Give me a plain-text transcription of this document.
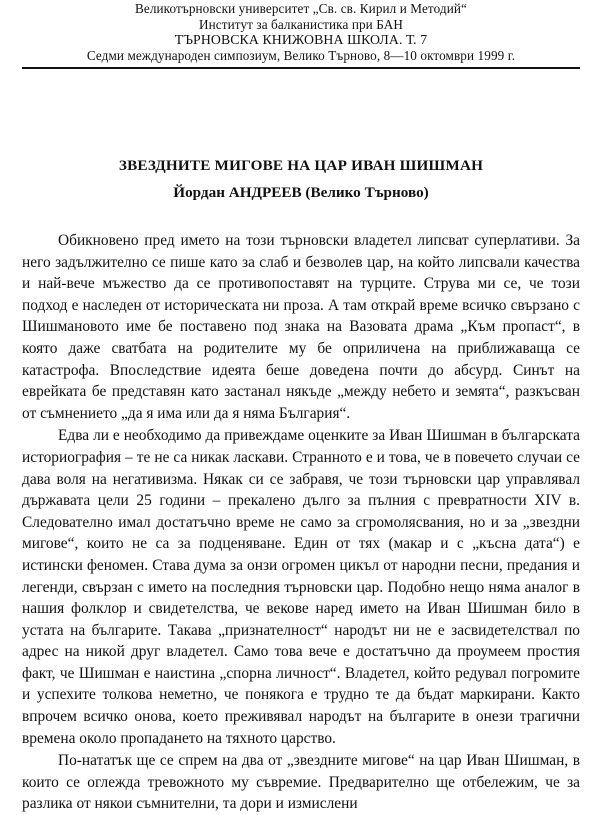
Великотърновски университет „Св. св. Кирил и Методий“
Институт за балканистика при БАН
ТЪРНОВСКА КНИЖОВНА ШКОЛА. Т. 7
Седми международен симпозиум, Велико Търново, 8—10 октомври 1999 г.
ЗВЕЗДНИТЕ МИГОВЕ НА ЦАР ИВАН ШИШМАН
Йордан АНДРЕЕВ (Велико Търново)

Обикновено пред името на този търновски владетел липсват суперлативи. За него задължително се пише като за слаб и безволев цар, на който липсвали качества и най-вече мъжество да се противопоставят на турците. Струва ми се, че този подход е наследен от историческата ни проза. А там открай време всичко свързано с Шишмановото име бе поставено под знака на Вазовата драма „Към пропаст“, в която даже сватбата на родителите му бе оприличена на приближаваща се катастрофа. Впоследствие идеята беше доведена почти до абсурд. Синът на еврейката бе представян като застанал някъде „между небето и земята“, разкъсван от съмнението „да я има или да я няма България“.

Едва ли е необходимо да привеждаме оценките за Иван Шишман в българската историография – те не са никак ласкави. Странното е и това, че в повечето случаи се дава воля на негативизма. Някак си се забравя, че този търновски цар управлявал държавата цели 25 години – прекалено дълго за пълния с превратности XIV в. Следователно имал достатъчно време не само за сгромолясвания, но и за „звездни мигове“, които не са за подценяване. Един от тях (макар и с „късна дата“) е истински феномен. Става дума за онзи огромен цикъл от народни песни, предания и легенди, свързан с името на последния търновски цар. Подобно нещо няма аналог в нашия фолклор и свидетелства, че векове наред името на Иван Шишман било в устата на българите. Такава „признателност“ народът ни не е засвидетелствал по адрес на никой друг владетел. Само това вече е достатъчно да проумеем простия факт, че Шишман е наистина „спорна личност“. Владетел, който редувал погромите и успехите толкова неметно, че понякога е трудно те да бъдат маркирани. Както впрочем всичко онова, което преживявал народът на българите в онези трагични времена около пропадането на тяхното царство.

По-нататък ще се спрем на два от „звездните мигове“ на цар Иван Шишман, в които се оглежда тревожното му съвремие. Предварително ще отбележим, че за разлика от някои съмнителни, та дори и измислени
